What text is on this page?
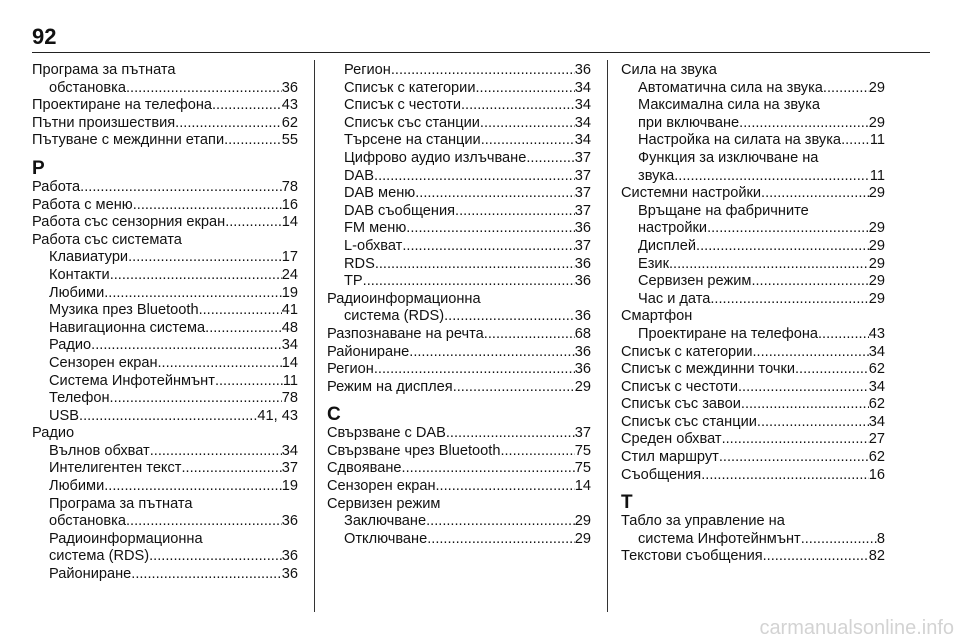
92
Програма за пътната
обстановка .....	36
Проектиране на телефона .....	43
Пътни произшествия .....	62
Пътуване с междинни етапи .....	55
P
Работа .....	78
Работа с меню .....	16
Работа със сензорния екран .....	14
Работа със системата
Клавиатури .....	17
Контакти .....	24
Любими .....	19
Музика през Bluetooth .....	41
Навигационна система .....	48
Радио .....	34
Сензорен екран .....	14
Система Инфотейнмънт .....	11
Телефон .....	78
USB .....	41, 43
Радио
Вълнов обхват .....	34
Интелигентен текст .....	37
Любими .....	19
Програма за пътната
обстановка .....	36
Радиоинформационна
система (RDS) .....	36
Райониране .....	36
Регион .....	36
Списък с категории .....	34
Списък с честоти .....	34
Списък със станции .....	34
Търсене на станции .....	34
Цифрово аудио излъчване .....	37
DAB .....	37
DAB меню .....	37
DAB съобщения .....	37
FM меню .....	36
L-обхват .....	37
RDS .....	36
TP .....	36
Радиоинформационна
система (RDS) .....	36
Разпознаване на речта .....	68
Райониране .....	36
Регион .....	36
Режим на дисплея .....	29
C
Свързване с DAB .....	37
Свързване чрез Bluetooth .....	75
Сдвояване .....	75
Сензорен екран .....	14
Сервизен режим
Заключване .....	29
Отключване .....	29
Сила на звука
Автоматична сила на звука .....	29
Максимална сила на звука
при включване .....	29
Настройка на силата на звука ..... 11
Функция за изключване на
звука .....	11
Системни настройки .....	29
Връщане на фабричните
настройки .....	29
Дисплей .....	29
Език .....	29
Сервизен режим .....	29
Час и дата .....	29
Смартфон
Проектиране на телефона .....	43
Списък с категории .....	34
Списък с междинни точки .....	62
Списък с честоти .....	34
Списък със завои .....	62
Списък със станции .....	34
Среден обхват .....	27
Стил маршрут .....	62
Съобщения .....	16
T
Табло за управление на
система Инфотейнмънт .....	8
Текстови съобщения .....	82
carmanualsonline.info
